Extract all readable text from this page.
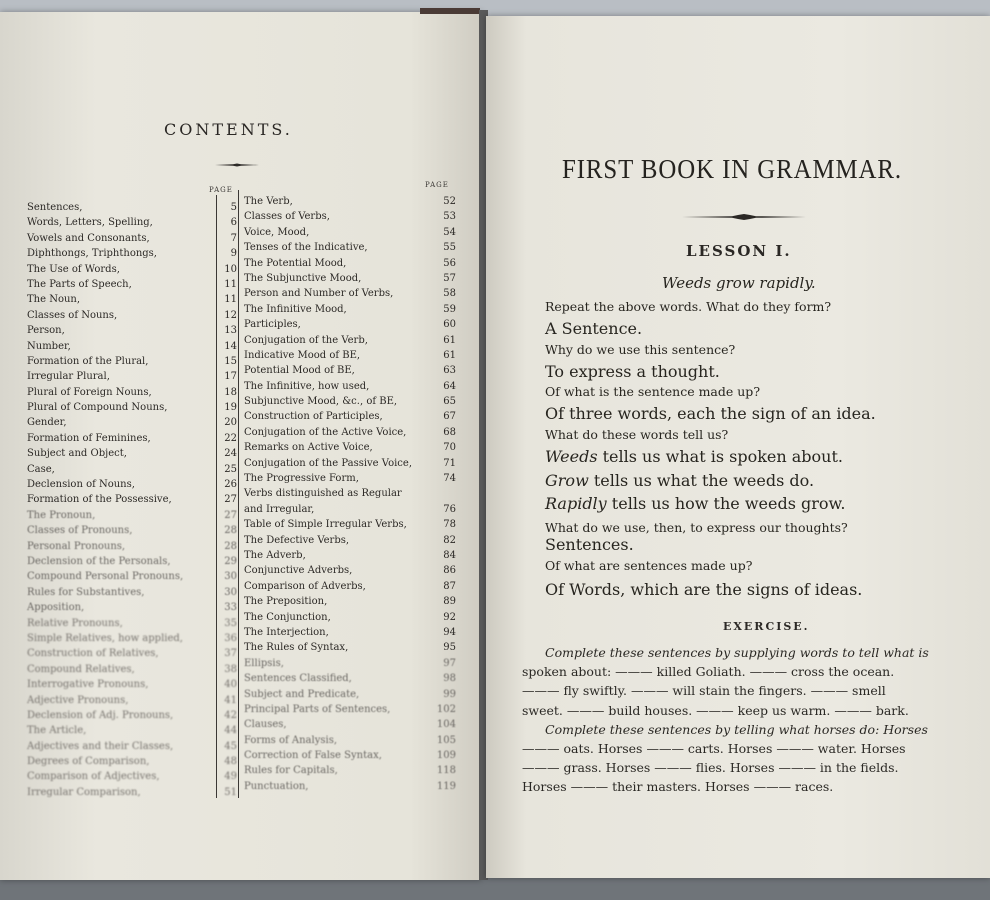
CONTENTS.
PAGE
PAGE
Sentences,	5
Words, Letters, Spelling,	6
Vowels and Consonants,	7
Diphthongs, Triphthongs,	9
The Use of Words,	10
The Parts of Speech,	11
The Noun,	11
Classes of Nouns,	12
Person,	13
Number,	14
Formation of the Plural,	15
Irregular Plural,	17
Plural of Foreign Nouns,	18
Plural of Compound Nouns,	19
Gender,	20
Formation of Feminines,	22
Subject and Object,	24
Case,	25
Declension of Nouns,	26
Formation of the Possessive,	27
The Pronoun,	27
Classes of Pronouns,	28
Personal Pronouns,	28
Declension of the Personals,	29
Compound Personal Pronouns,	30
Rules for Substantives,	30
Apposition,	33
Relative Pronouns,	35
Simple Relatives, how applied,	36
Construction of Relatives,	37
Compound Relatives,	38
Interrogative Pronouns,	40
Adjective Pronouns,	41
Declension of Adj. Pronouns,	42
The Article,	44
Adjectives and their Classes,	45
Degrees of Comparison,	48
Comparison of Adjectives,	49
Irregular Comparison,	51
The Verb,	52
Classes of Verbs,	53
Voice, Mood,	54
Tenses of the Indicative,	55
The Potential Mood,	56
The Subjunctive Mood,	57
Person and Number of Verbs,	58
The Infinitive Mood,	59
Participles,	60
Conjugation of the Verb,	61
Indicative Mood of BE,	61
Potential Mood of BE,	63
The Infinitive, how used,	64
Subjunctive Mood, &c., of BE,	65
Construction of Participles,	67
Conjugation of the Active Voice,	68
Remarks on Active Voice,	70
Conjugation of the Passive Voice,	71
The Progressive Form,	74
Verbs distinguished as Regular
and Irregular,	76
Table of Simple Irregular Verbs,	78
The Defective Verbs,	82
The Adverb,	84
Conjunctive Adverbs,	86
Comparison of Adverbs,	87
The Preposition,	89
The Conjunction,	92
The Interjection,	94
The Rules of Syntax,	95
Ellipsis,	97
Sentences Classified,	98
Subject and Predicate,	99
Principal Parts of Sentences,	102
Clauses,	104
Forms of Analysis,	105
Correction of False Syntax,	109
Rules for Capitals,	118
Punctuation,	119
FIRST BOOK IN GRAMMAR.
LESSON I.
Weeds grow rapidly.
Repeat the above words. What do they form?
A Sentence.
Why do we use this sentence?
To express a thought.
Of what is the sentence made up?
Of three words, each the sign of an idea.
What do these words tell us?
Weeds tells us what is spoken about.
Grow tells us what the weeds do.
Rapidly tells us how the weeds grow.
What do we use, then, to express our thoughts?
Sentences.
Of what are sentences made up?
Of Words, which are the signs of ideas.
EXERCISE.
Complete these sentences by supplying words to tell what is
spoken about: ——— killed Goliath. ——— cross the ocean.
——— fly swiftly. ——— will stain the fingers. ——— smell
sweet. ——— build houses. ——— keep us warm. ——— bark.
Complete these sentences by telling what horses do: Horses
——— oats. Horses ——— carts. Horses ——— water. Horses
——— grass. Horses ——— flies. Horses ——— in the fields.
Horses ——— their masters. Horses ——— races.
